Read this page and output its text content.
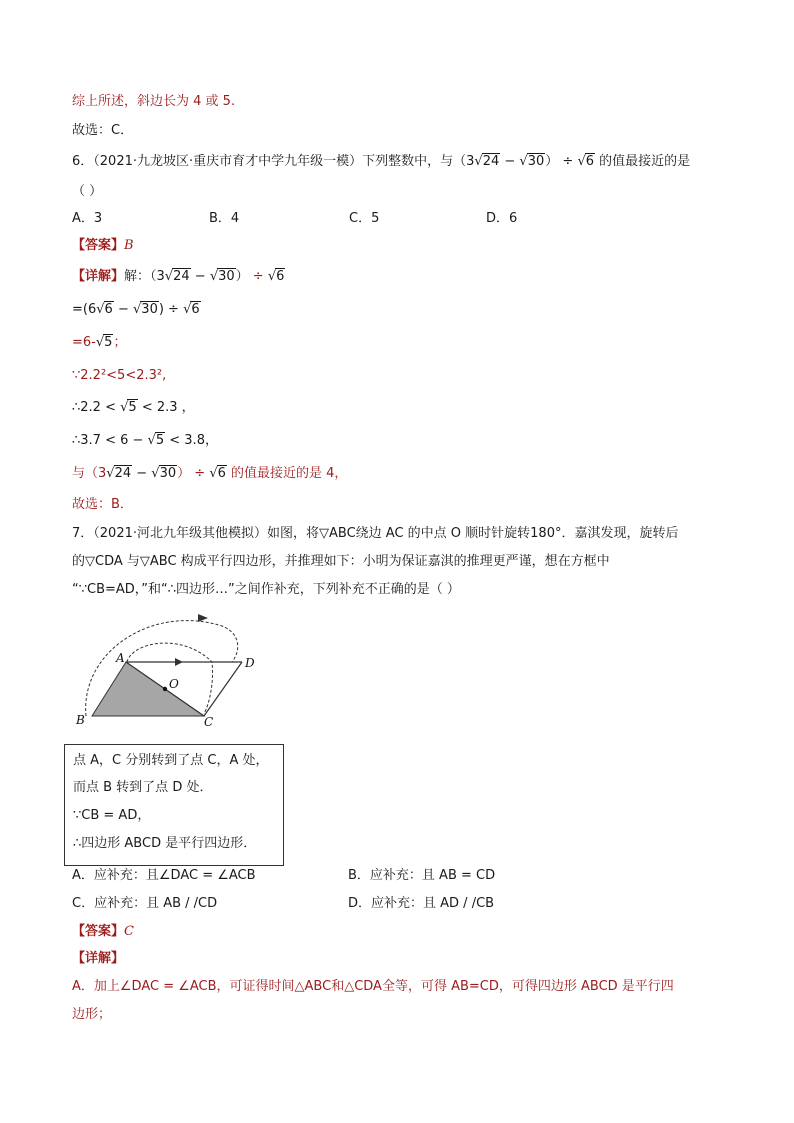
综上所述，斜边长为 4 或 5.
故选：C．
6．（2021·九龙坡区·重庆市育才中学九年级一模）下列整数中，与（3√24 − √30） ÷ √6 的值最接近的是
（ ）
A．3	B．4	C．5	D．6
【答案】B
【详解】解：（3√24 − √30） ÷ √6
=(6√6 − √30) ÷ √6
=6-√5；
∵2.2²<5<2.3²,
∴2.2 < √5 < 2.3 ，
∴3.7 < 6 − √5 < 3.8，
与（3√24 − √30） ÷ √6 的值最接近的是 4，
故选：B．
7．（2021·河北九年级其他模拟）如图，将▽ABC绕边 AC 的中点 O 顺时针旋转180°．嘉淇发现，旋转后
的▽CDA 与▽ABC 构成平行四边形，并推理如下：小明为保证嘉淇的推理更严谨，想在方框中
“∵CB=AD，”和“∴四边形…”之间作补充，下列补充不正确的是（ ）
A
B	C
D
O
点 A，C 分别转到了点 C，A 处，
而点 B 转到了点 D 处．
∵CB = AD，
∴四边形 ABCD 是平行四边形．
A．应补充：且∠DAC = ∠ACB	B．应补充：且 AB = CD
C．应补充：且 AB / /CD	D．应补充：且 AD / /CB
【答案】C
【详解】
A．加上∠DAC = ∠ACB，可证得时间△ABC和△CDA全等，可得 AB=CD，可得四边形 ABCD 是平行四
边形；
